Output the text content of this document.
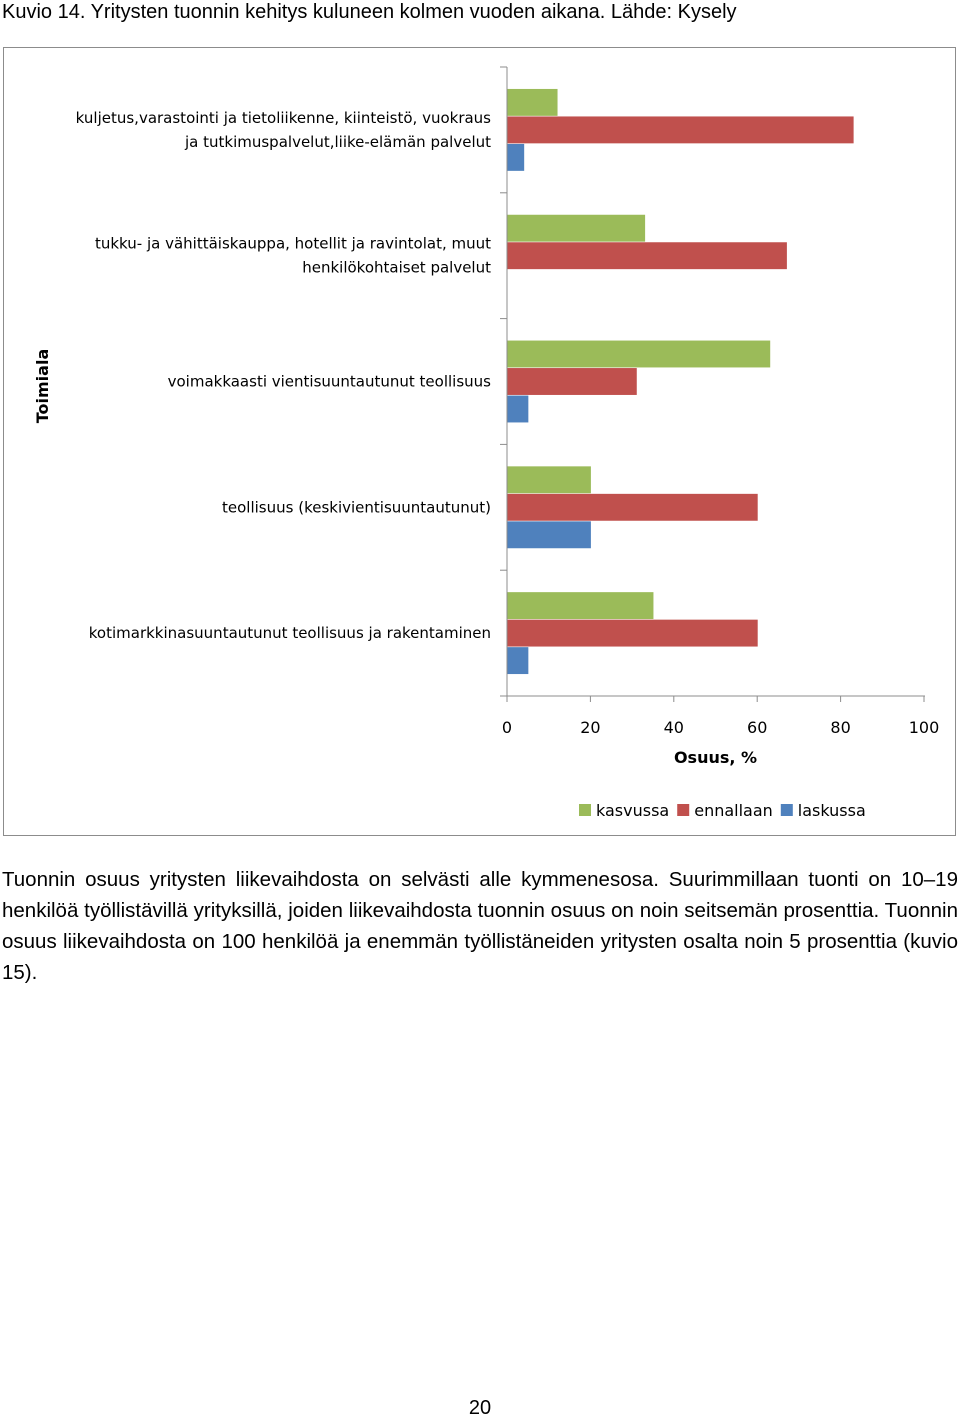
Kuvio 14. Yritysten tuonnin kehitys kuluneen kolmen vuoden aikana. Lähde: Kysely
kuljetus,varastointi ja tietoliikenne, kiinteistö, vuokraus
ja tutkimuspalvelut,liike-elämän palvelut
tukku- ja vähittäiskauppa, hotellit ja ravintolat, muut
henkilökohtaiset palvelut
voimakkaasti vientisuuntautunut teollisuus
teollisuus (keskivientisuuntautunut)
kotimarkkinasuuntautunut teollisuus ja rakentaminen
0	20	40	60	80	100
Osuus, %
Toimiala
kasvussa ennallaan laskussa

Tuonnin osuus yritysten liikevaihdosta on selvästi alle kymmenesosa. Suurimmillaan tuonti on 10–19 henkilöä työllistävillä yrityksillä, joiden liikevaihdosta tuonnin osuus on noin seitsemän prosenttia. Tuonnin osuus liikevaihdosta on 100 henkilöä ja enemmän työllistäneiden yritysten osalta noin 5 prosenttia (kuvio 15).

20
